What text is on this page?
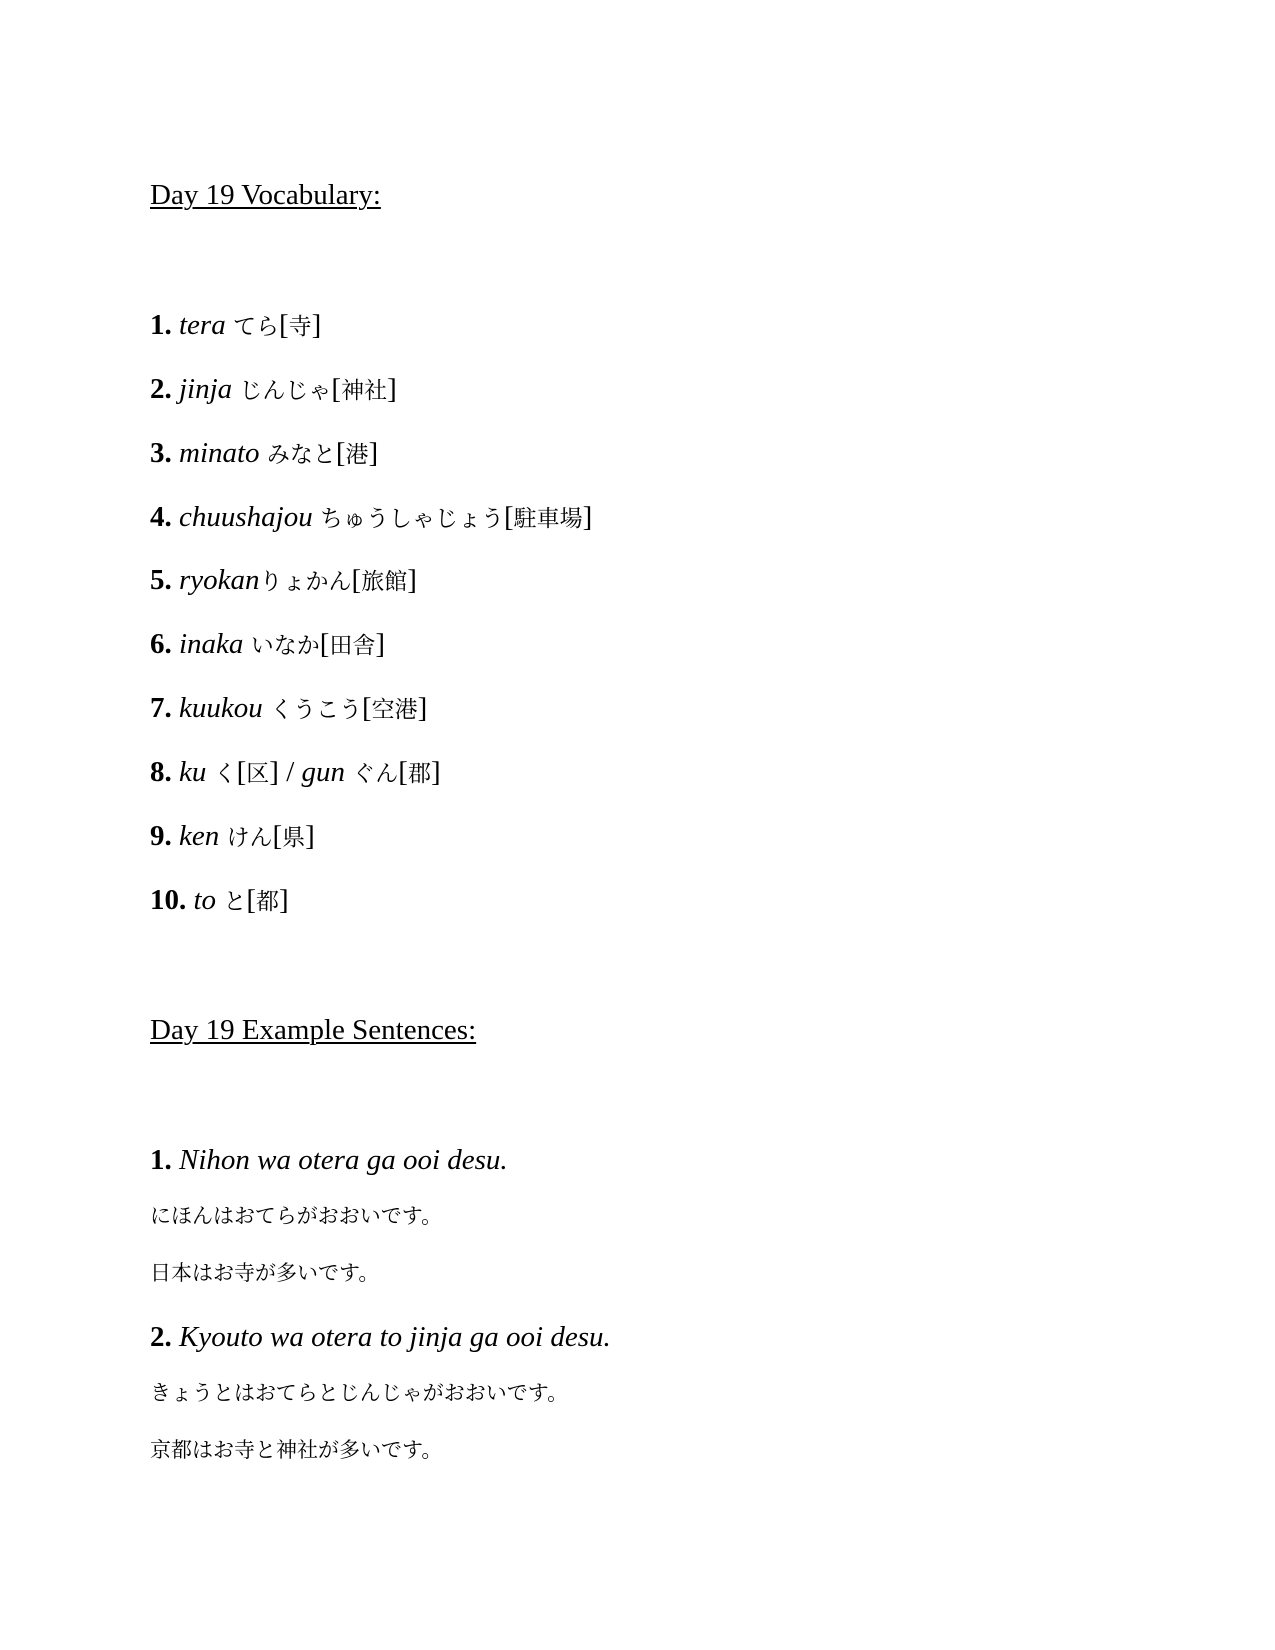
Day 19 Vocabulary:
1. tera てら[寺]
2. jinja じんじゃ[神社]
3. minato みなと[港]
4. chuushajou ちゅうしゃじょう[駐車場]
5. ryokanりょかん[旅館]
6. inaka いなか[田舎]
7. kuukou くうこう[空港]
8. ku く[区] / gun ぐん[郡]
9. ken けん[県]
10. to と[都]
Day 19 Example Sentences:
1. Nihon wa otera ga ooi desu.
にほんはおてらがおおいです。
日本はお寺が多いです。
2. Kyouto wa otera to jinja ga ooi desu.
きょうとはおてらとじんじゃがおおいです。
京都はお寺と神社が多いです。
